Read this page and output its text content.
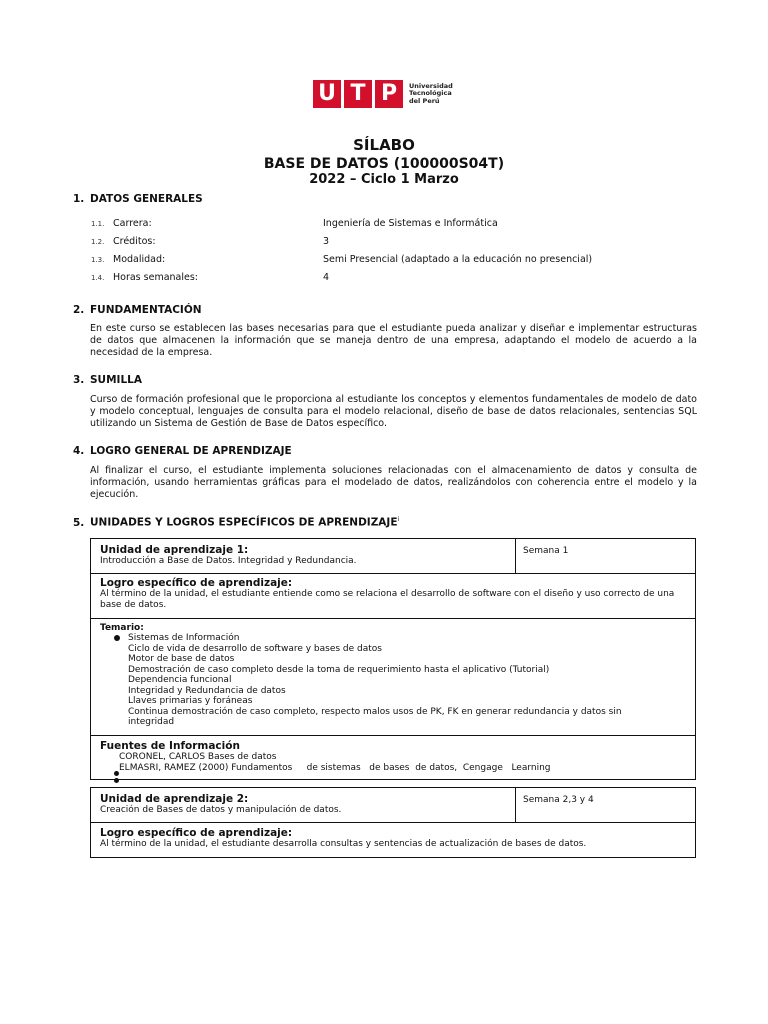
U T P	Universidad
Tecnológica
del Perú
SÍLABO
BASE DE DATOS (100000S04T)
2022 – Ciclo 1 Marzo
1. DATOS GENERALES
1.1. Carrera:	Ingeniería de Sistemas e Informática
1.2. Créditos:	3
1.3. Modalidad:	Semi Presencial (adaptado a la educación no presencial)
1.4. Horas semanales:	4
2. FUNDAMENTACIÓN
En este curso se establecen las bases necesarias para que el estudiante pueda analizar y diseñar e implementar estructuras de datos que almacenen la información que se maneja dentro de una empresa, adaptando el modelo de acuerdo a la necesidad de la empresa.
3. SUMILLA
Curso de formación profesional que le proporciona al estudiante los conceptos y elementos fundamentales de modelo de dato y modelo conceptual, lenguajes de consulta para el modelo relacional, diseño de base de datos relacionales, sentencias SQL utilizando un Sistema de Gestión de Base de Datos específico.
4. LOGRO GENERAL DE APRENDIZAJE
Al finalizar el curso, el estudiante implementa soluciones relacionadas con el almacenamiento de datos y consulta de información, usando herramientas gráficas para el modelado de datos, realizándolos con coherencia entre el modelo y la ejecución.
5. UNIDADES Y LOGROS ESPECÍFICOS DE APRENDIZAJE$^i$
Unidad de aprendizaje 1:
Introducción a Base de Datos. Integridad y Redundancia.
Semana 1
Logro específico de aprendizaje:
Al término de la unidad, el estudiante entiende como se relaciona el desarrollo de software con el diseño y uso correcto de una base de datos.
Temario:
Sistemas de Información
Ciclo de vida de desarrollo de software y bases de datos
Motor de base de datos
Demostración de caso completo desde la toma de requerimiento hasta el aplicativo (Tutorial)
Dependencia funcional
Integridad y Redundancia de datos
Llaves primarias y foráneas
Continua demostración de caso completo, respecto malos usos de PK, FK en generar redundancia y datos sin
integridad
Fuentes de Información
CORONEL, CARLOS Bases de datos
ELMASRI, RAMEZ (2000) Fundamentos     de sistemas   de bases  de datos,  Cengage   Learning
Unidad de aprendizaje 2:
Creación de Bases de datos y manipulación de datos.
Semana 2,3 y 4
Logro específico de aprendizaje:
Al término de la unidad, el estudiante desarrolla consultas y sentencias de actualización de bases de datos.
